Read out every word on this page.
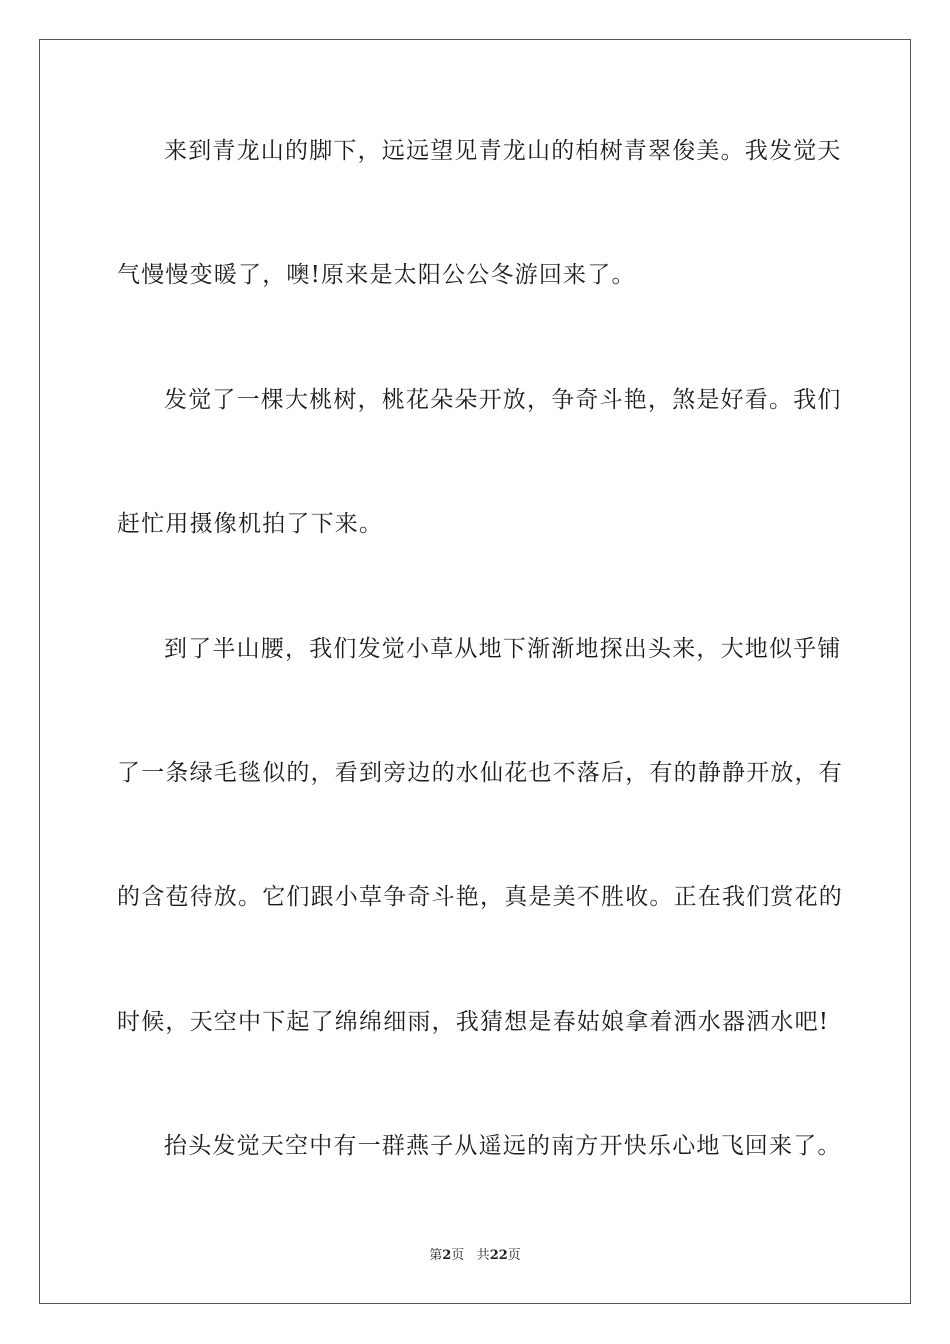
来到青龙山的脚下，远远望见青龙山的柏树青翠俊美。我发觉天
气慢慢变暖了，噢!原来是太阳公公冬游回来了。
发觉了一棵大桃树，桃花朵朵开放，争奇斗艳，煞是好看。我们
赶忙用摄像机拍了下来。
到了半山腰，我们发觉小草从地下渐渐地探出头来，大地似乎铺
了一条绿毛毯似的，看到旁边的水仙花也不落后，有的静静开放，有
的含苞待放。它们跟小草争奇斗艳，真是美不胜收。正在我们赏花的
时候，天空中下起了绵绵细雨，我猜想是春姑娘拿着洒水器洒水吧!
抬头发觉天空中有一群燕子从遥远的南方开快乐心地飞回来了。
第2页 共22页
